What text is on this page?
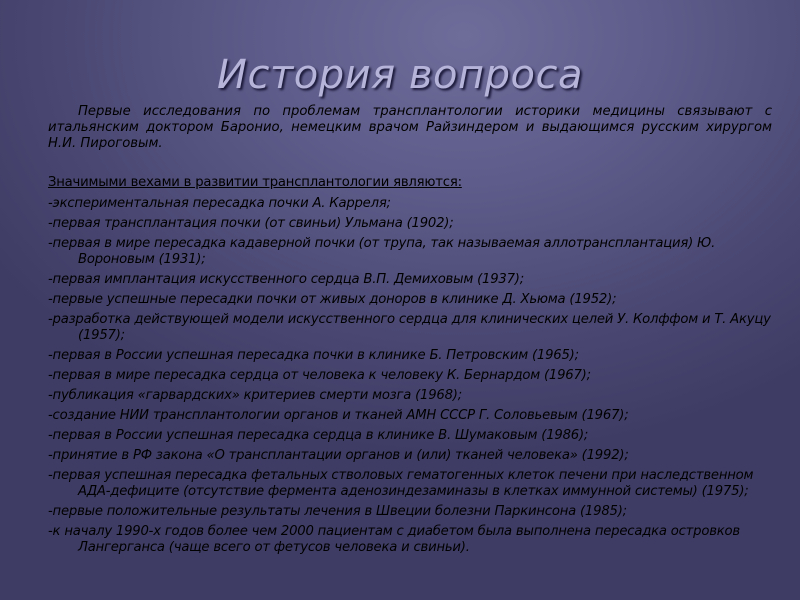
История вопроса

Первые исследования по проблемам трансплантологии историки медицины связывают с итальянским доктором Баронио, немецким врачом Райзиндером и выдающимся русским хирургом Н.И. Пироговым.

Значимыми вехами в развитии трансплантологии являются:
-экспериментальная пересадка почки А. Карреля;
-первая трансплантация почки (от свиньи) Ульмана (1902);
-первая в мире пересадка кадаверной почки (от трупа, так называемая аллотрансплантация) Ю. Вороновым (1931);
-первая имплантация искусственного сердца В.П. Демиховым (1937);
-первые успешные пересадки почки от живых доноров в клинике Д. Хьюма (1952);
-разработка действующей модели искусственного сердца для клинических целей У. Колффом и Т. Акуцу (1957);
-первая в России успешная пересадка почки в клинике Б. Петровским (1965);
-первая в мире пересадка сердца от человека к человеку К. Бернардом (1967);
-публикация «гарвардских» критериев смерти мозга (1968);
-создание НИИ трансплантологии органов и тканей АМН СССР Г. Соловьевым (1967);
-первая в России успешная пересадка сердца в клинике В. Шумаковым (1986);
-принятие в РФ закона «О трансплантации органов и (или) тканей человека» (1992);
-первая успешная пересадка фетальных стволовых гематогенных клеток печени при наследственном АДА-дефиците (отсутствие фермента аденозиндезаминазы в клетках иммунной системы) (1975);
-первые положительные результаты лечения в Швеции болезни Паркинсона (1985);
-к началу 1990-х годов более чем 2000 пациентам с диабетом была выполнена пересадка островков Лангерганса (чаще всего от фетусов человека и свиньи).
